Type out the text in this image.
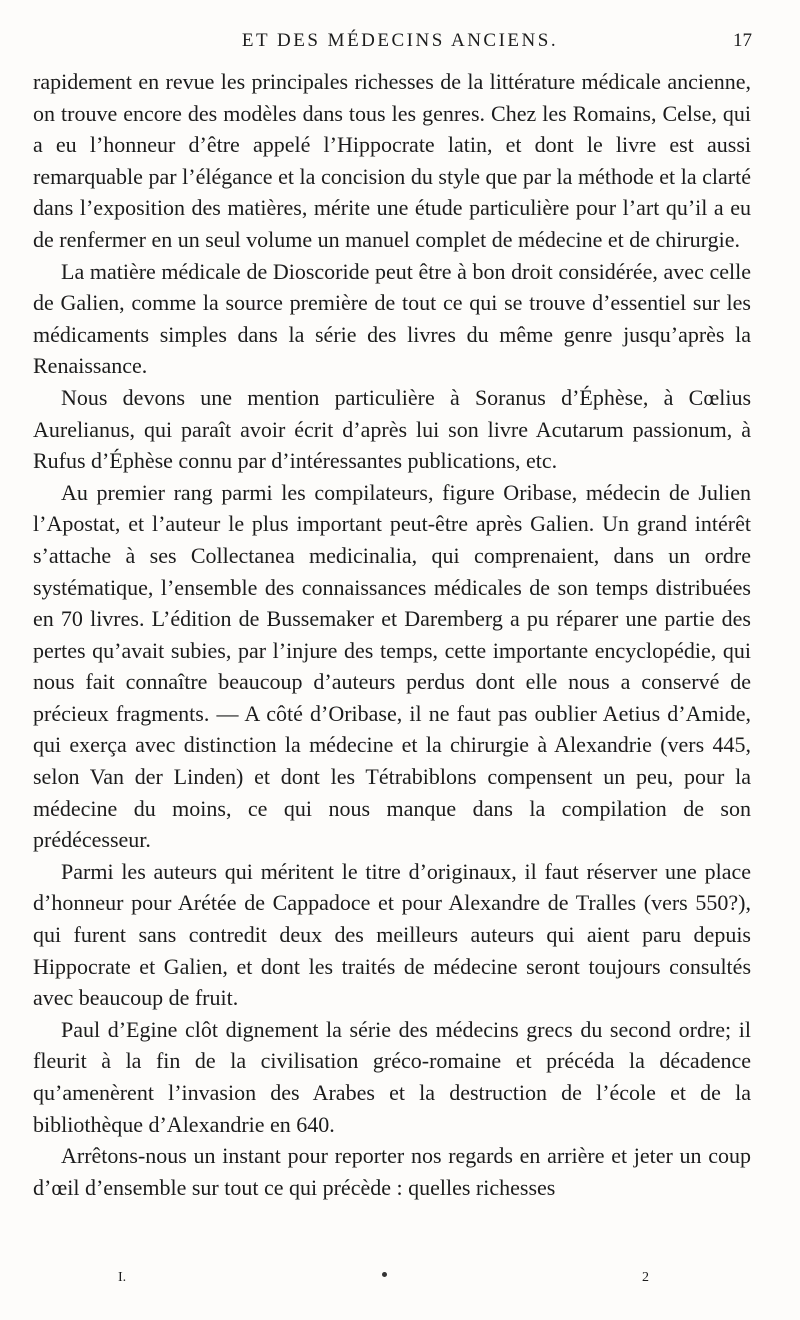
ET DES MÉDECINS ANCIENS.	17

rapidement en revue les principales richesses de la littérature médicale ancienne, on trouve encore des modèles dans tous les genres. Chez les Romains, Celse, qui a eu l’honneur d’être appelé l’Hippocrate latin, et dont le livre est aussi remarquable par l’élégance et la concision du style que par la méthode et la clarté dans l’exposition des matières, mérite une étude particulière pour l’art qu’il a eu de renfermer en un seul volume un manuel complet de médecine et de chirurgie.

La matière médicale de Dioscoride peut être à bon droit considérée, avec celle de Galien, comme la source première de tout ce qui se trouve d’essentiel sur les médicaments simples dans la série des livres du même genre jusqu’après la Renaissance.

Nous devons une mention particulière à Soranus d’Éphèse, à Cœlius Aurelianus, qui paraît avoir écrit d’après lui son livre Acutarum passionum, à Rufus d’Éphèse connu par d’intéressantes publications, etc.

Au premier rang parmi les compilateurs, figure Oribase, médecin de Julien l’Apostat, et l’auteur le plus important peut-être après Galien. Un grand intérêt s’attache à ses Collectanea medicinalia, qui comprenaient, dans un ordre systématique, l’ensemble des connaissances médicales de son temps distribuées en 70 livres. L’édition de Bussemaker et Daremberg a pu réparer une partie des pertes qu’avait subies, par l’injure des temps, cette importante encyclopédie, qui nous fait connaître beaucoup d’auteurs perdus dont elle nous a conservé de précieux fragments. — A côté d’Oribase, il ne faut pas oublier Aetius d’Amide, qui exerça avec distinction la médecine et la chirurgie à Alexandrie (vers 445, selon Van der Linden) et dont les Tétrabiblons compensent un peu, pour la médecine du moins, ce qui nous manque dans la compilation de son prédécesseur.

Parmi les auteurs qui méritent le titre d’originaux, il faut réserver une place d’honneur pour Arétée de Cappadoce et pour Alexandre de Tralles (vers 550?), qui furent sans contredit deux des meilleurs auteurs qui aient paru depuis Hippocrate et Galien, et dont les traités de médecine seront toujours consultés avec beaucoup de fruit.

Paul d’Egine clôt dignement la série des médecins grecs du second ordre; il fleurit à la fin de la civilisation gréco-romaine et précéda la décadence qu’amenèrent l’invasion des Arabes et la destruction de l’école et de la bibliothèque d’Alexandrie en 640.

Arrêtons-nous un instant pour reporter nos regards en arrière et jeter un coup d’œil d’ensemble sur tout ce qui précède : quelles richesses

I.	2
